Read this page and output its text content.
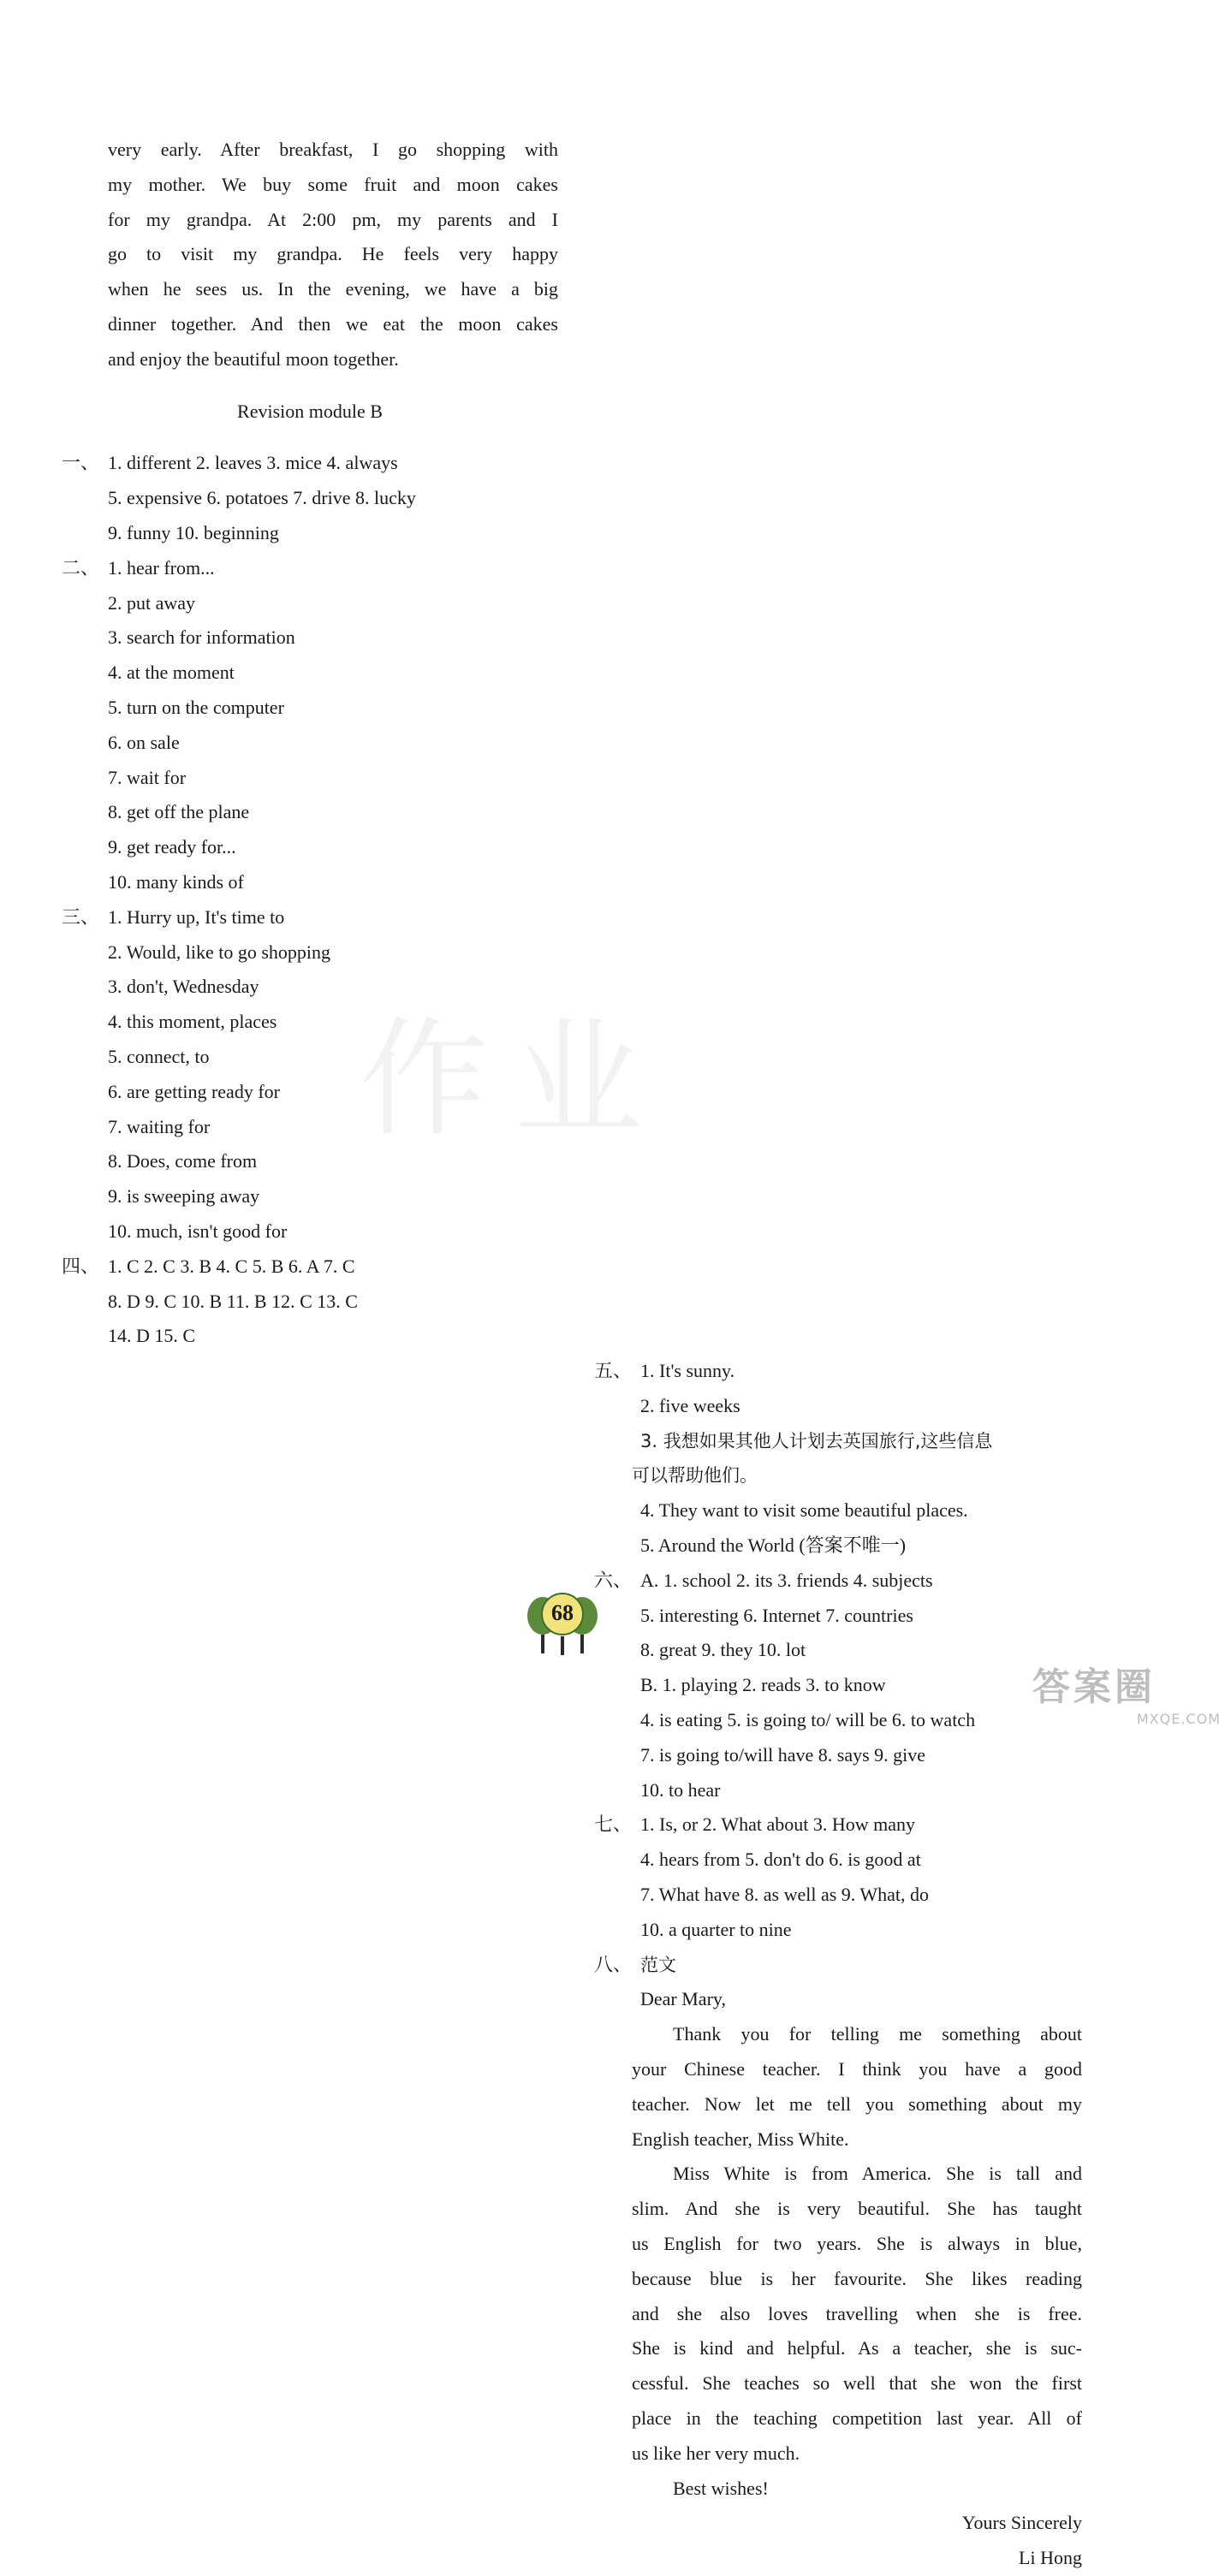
作业
very early. After breakfast, I go shopping with
my mother. We buy some fruit and moon cakes
for my grandpa. At 2:00 pm, my parents and I
go to visit my grandpa. He feels very happy
when he sees us. In the evening, we have a big
dinner together. And then we eat the moon cakes
and enjoy the beautiful moon together.
Revision module B
一、 1. different 2. leaves 3. mice 4. always
5. expensive 6. potatoes 7. drive 8. lucky
9. funny 10. beginning
二、 1. hear from...
2. put away
3. search for information
4. at the moment
5. turn on the computer
6. on sale
7. wait for
8. get off the plane
9. get ready for...
10. many kinds of
三、 1. Hurry up, It's time to
2. Would, like to go shopping
3. don't, Wednesday
4. this moment, places
5. connect, to
6. are getting ready for
7. waiting for
8. Does, come from
9. is sweeping away
10. much, isn't good for
四、 1. C 2. C 3. B 4. C 5. B 6. A 7. C
8. D 9. C 10. B 11. B 12. C 13. C
14. D 15. C
五、 1. It's sunny.
2. five weeks
3. 我想如果其他人计划去英国旅行,这些信息
可以帮助他们。
4. They want to visit some beautiful places.
5. Around the World (答案不唯一)
六、 A. 1. school 2. its 3. friends 4. subjects
5. interesting 6. Internet 7. countries
8. great 9. they 10. lot
B. 1. playing 2. reads 3. to know
4. is eating 5. is going to/ will be 6. to watch
7. is going to/will have 8. says 9. give
10. to hear
七、 1. Is, or 2. What about 3. How many
4. hears from 5. don't do 6. is good at
7. What have 8. as well as 9. What, do
10. a quarter to nine
八、 范文
Dear Mary,
Thank you for telling me something about
your Chinese teacher. I think you have a good
teacher. Now let me tell you something about my
English teacher, Miss White.
Miss White is from America. She is tall and
slim. And she is very beautiful. She has taught
us English for two years. She is always in blue,
because blue is her favourite. She likes reading
and she also loves travelling when she is free.
She is kind and helpful. As a teacher, she is suc-
cessful. She teaches so well that she won the first
place in the teaching competition last year. All of
us like her very much.
Best wishes!
Yours Sincerely
Li Hong
68
答案圈
MXQE.COM
